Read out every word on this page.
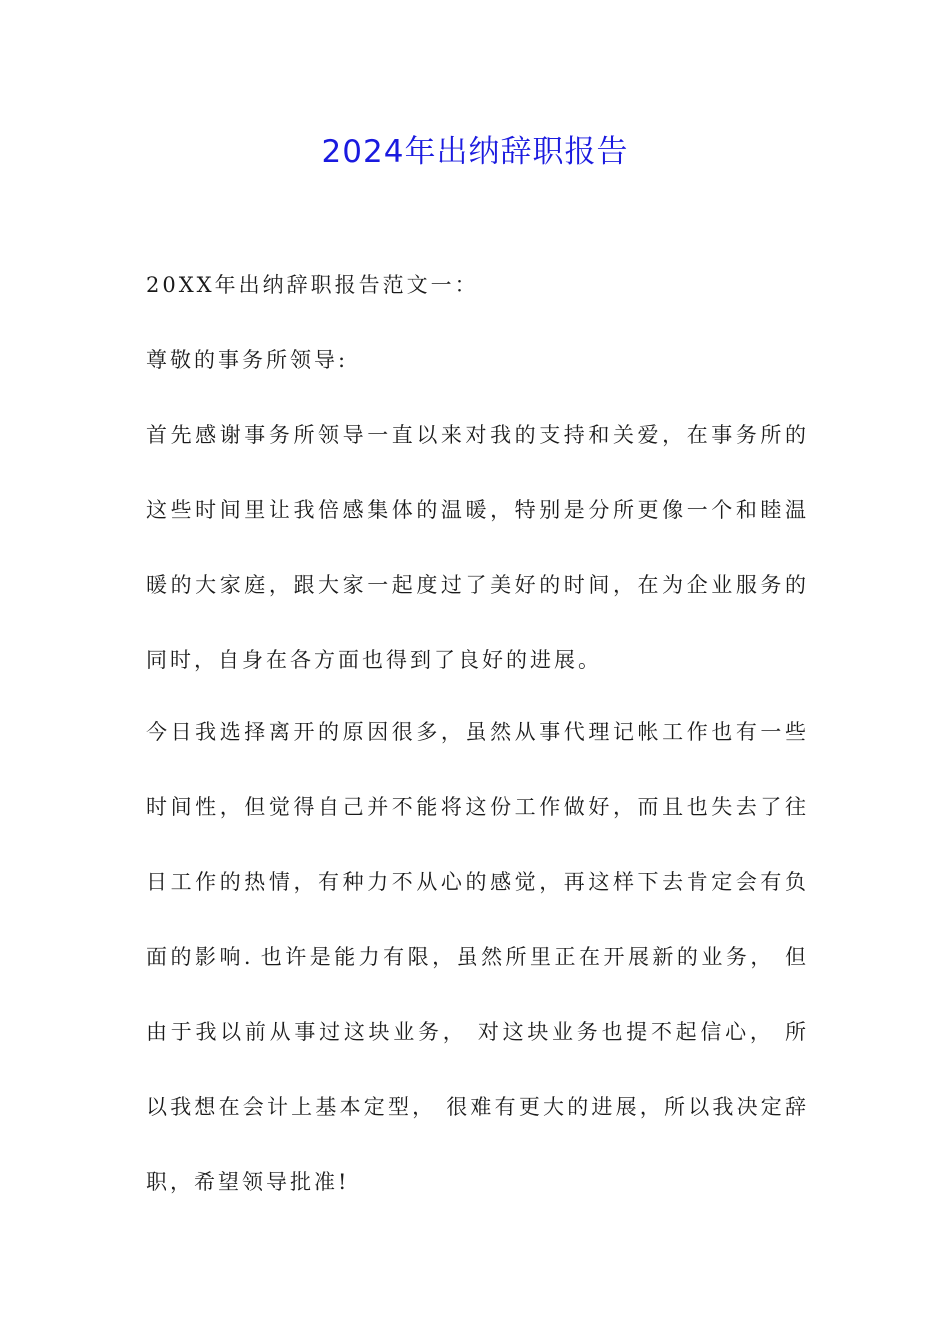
2024年出纳辞职报告
20XX年出纳辞职报告范文一：
尊敬的事务所领导:
首先感谢事务所领导一直以来对我的支持和关爱，在事务所的
这些时间里让我倍感集体的温暖，特别是分所更像一个和睦温
暖的大家庭，跟大家一起度过了美好的时间，在为企业服务的
同时，自身在各方面也得到了良好的进展。
今日我选择离开的原因很多，虽然从事代理记帐工作也有一些
时间性，但觉得自己并不能将这份工作做好，而且也失去了往
日工作的热情，有种力不从心的感觉，再这样下去肯定会有负
面的影响. 也许是能力有限，虽然所里正在开展新的业务， 但
由于我以前从事过这块业务， 对这块业务也提不起信心， 所
以我想在会计上基本定型， 很难有更大的进展，所以我决定辞
职，希望领导批准!
